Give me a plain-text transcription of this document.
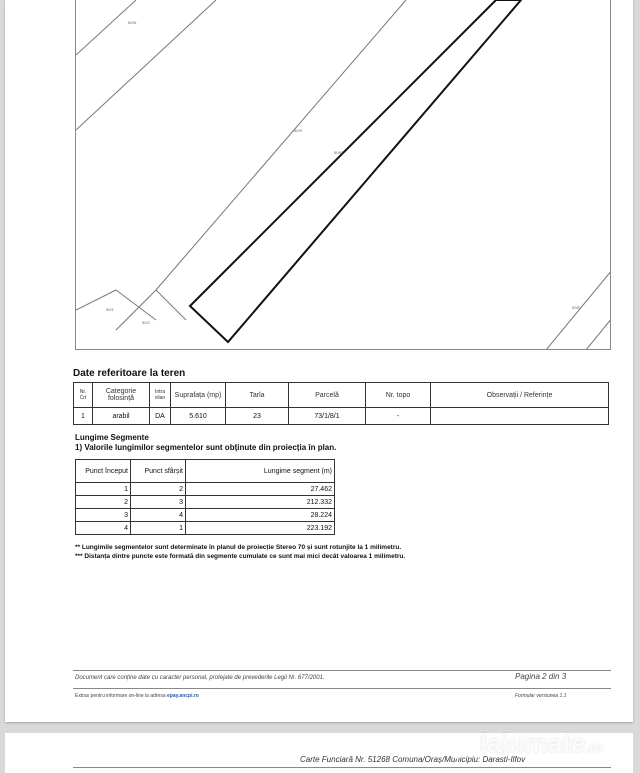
50/N
50/S
50/M
50/1
50/2
50/E
Date referitoare la teren
Nr. Crt	Categorie folosință	Intra vilan	Suprafața (mp)	Tarla	Parcelă	Nr. topo	Observații / Referințe
1	arabil	DA	5.610	23	73/1/8/1	-	
Lungime Segmente
1) Valorile lungimilor segmentelor sunt obținute din proiecția în plan.
Punct început	Punct sfârșit	Lungime segment (m)
1	2	27.462
2	3	212.332
3	4	28.224
4	1	223.192
** Lungimile segmentelor sunt determinate în planul de proiecție Stereo 70 și sunt rotunjite la 1 milimetru.
*** Distanța dintre puncte este formată din segmente cumulate ce sunt mai mici decât valoarea 1 milimetru.
Document care conține date cu caracter personal, protejate de prevederile Legii Nr. 677/2001.	Pagina 2 din 3
Extras pentru informare on-line la adresa epay.ancpi.ro	Formular versiunea 1.1
Carte Funciară Nr. 51268 Comuna/Oraș/Municipiu: Darasti-Ilfov
lajumate.ro
